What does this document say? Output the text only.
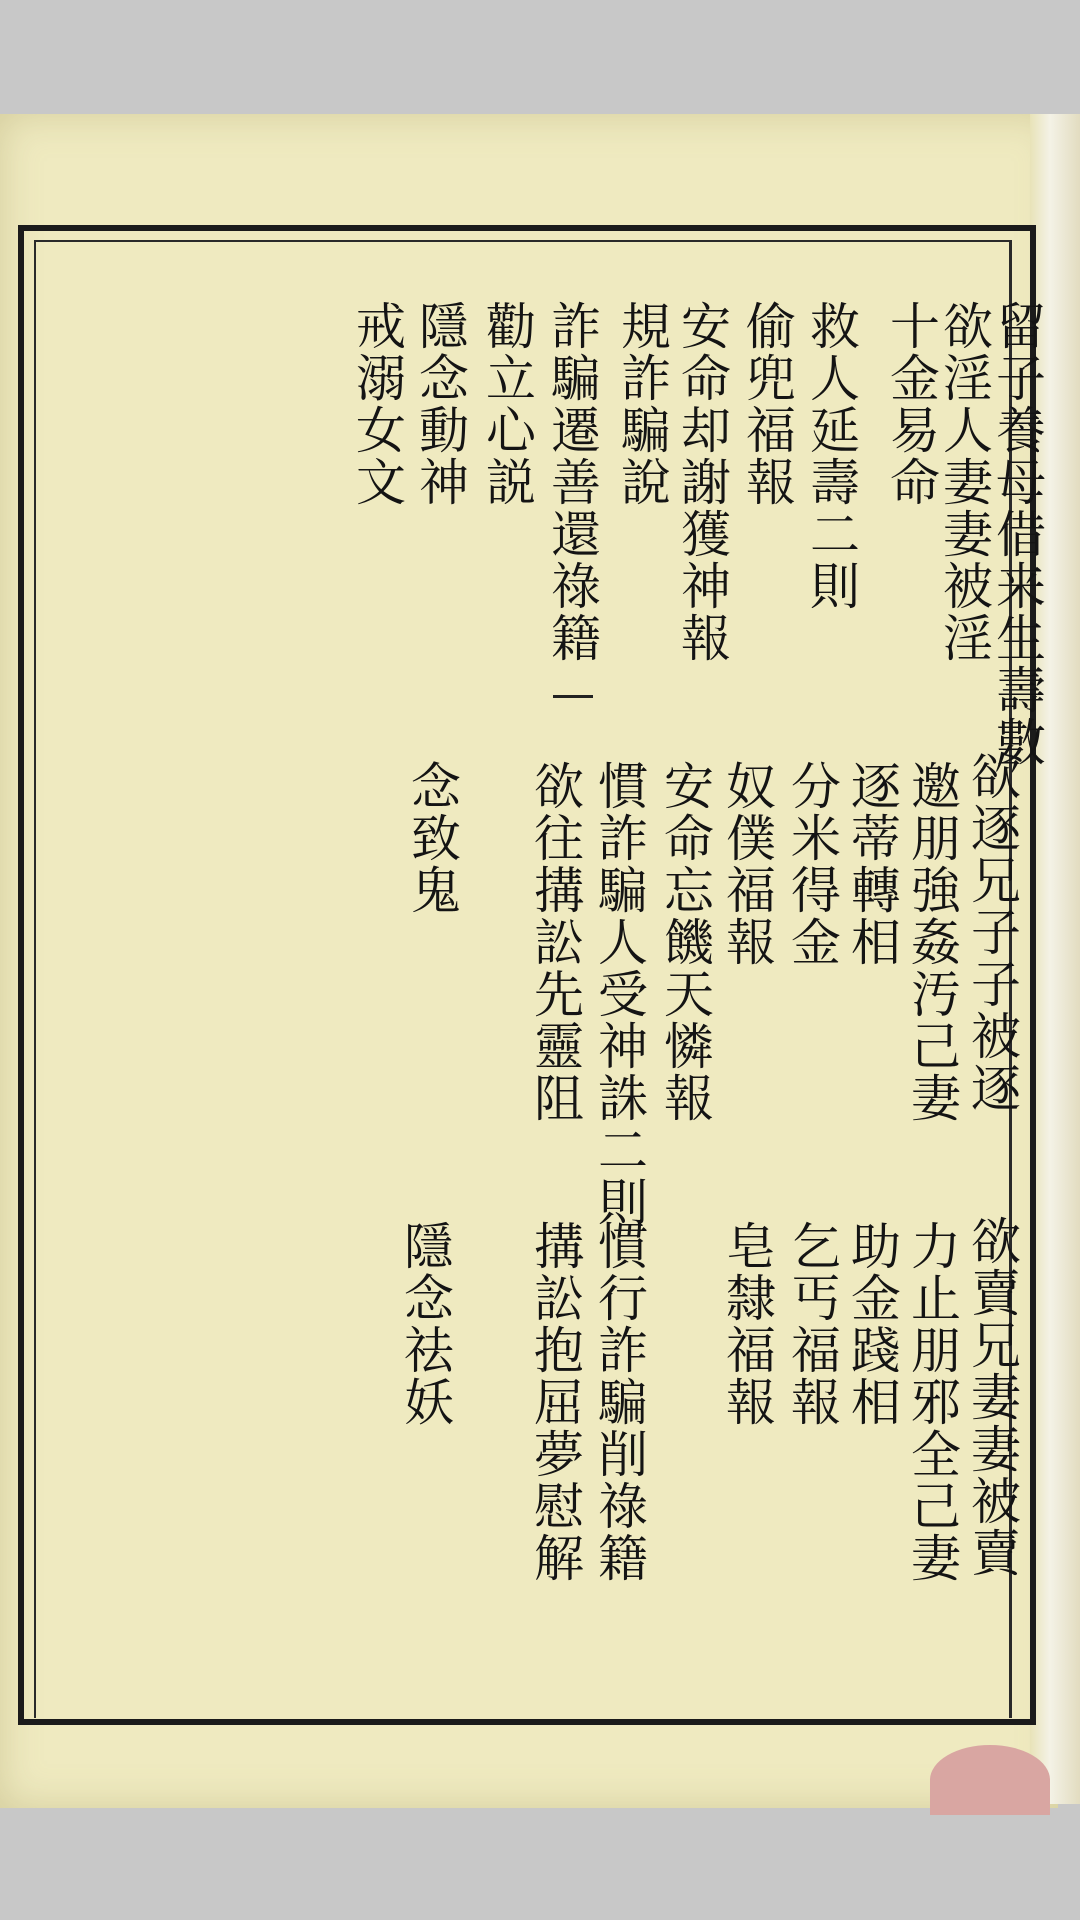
留子養母借来生壽數
欲淫人妻妻被淫
十金易命
救人延壽二則
偷兜福報
安命却謝獲神報
規詐騙說
詐騙遷善還祿籍
勸立心説
隱念動神
戒溺女文
欲逐兄子子被逐
邀朋強姦汚己妻
逐蒂轉相
分米得金
奴僕福報
安命忘饑天憐報
慣詐騙人受神誅二則
欲往搆訟先靈阻
念致鬼
欲賣兄妻妻被賣
力止朋邪全己妻
助金踐相
乞丐福報
皂隸福報
慣行詐騙削祿籍
搆訟抱屈夢慰解
隱念祛妖
